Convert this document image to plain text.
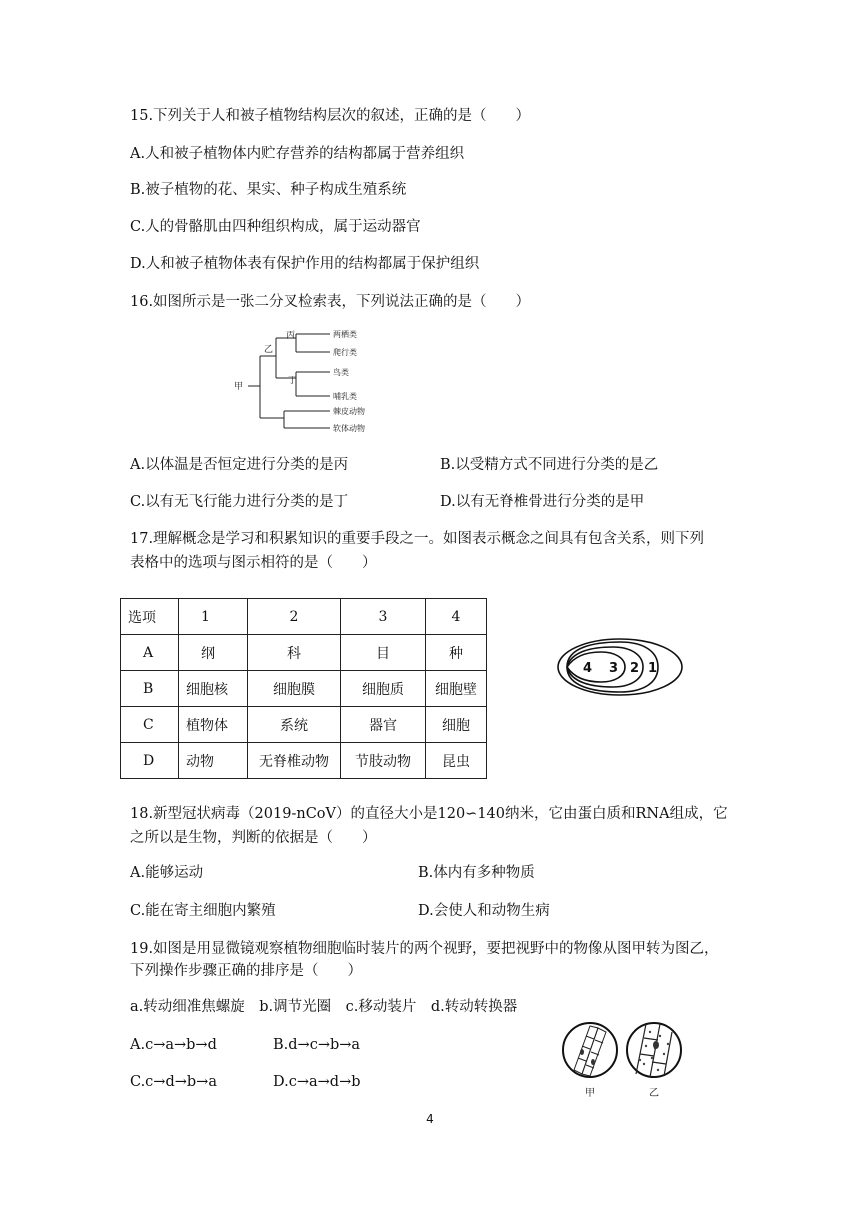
15.下列关于人和被子植物结构层次的叙述，正确的是（　　）
A.人和被子植物体内贮存营养的结构都属于营养组织
B.被子植物的花、果实、种子构成生殖系统
C.人的骨骼肌由四种组织构成，属于运动器官
D.人和被子植物体表有保护作用的结构都属于保护组织
16.如图所示是一张二分叉检索表，下列说法正确的是（　　）
甲
乙
丙
丁
两栖类
爬行类
鸟类
哺乳类
棘皮动物
软体动物
A.以体温是否恒定进行分类的是丙	B.以受精方式不同进行分类的是乙
C.以有无飞行能力进行分类的是丁	D.以有无脊椎骨进行分类的是甲
17.理解概念是学习和积累知识的重要手段之一。如图表示概念之间具有包含关系，则下列
表格中的选项与图示相符的是（　　）
选项	1	2	3	4
A	纲	科	目	种
B	细胞核	细胞膜	细胞质	细胞壁
C	植物体	系统	器官	细胞
D	动物	无脊椎动物	节肢动物	昆虫
4 3 2 1
18.新型冠状病毒（2019-nCoV）的直径大小是120∽140纳米，它由蛋白质和RNA组成，它
之所以是生物，判断的依据是（　　）
A.能够运动	B.体内有多种物质
C.能在寄主细胞内繁殖	D.会使人和动物生病
19.如图是用显微镜观察植物细胞临时装片的两个视野，要把视野中的物像从图甲转为图乙，
下列操作步骤正确的排序是（　　）
a.转动细准焦螺旋　b.调节光圈　c.移动装片　d.转动转换器
A.c→a→b→d	B.d→c→b→a
C.c→d→b→a	D.c→a→d→b
甲	乙
4
